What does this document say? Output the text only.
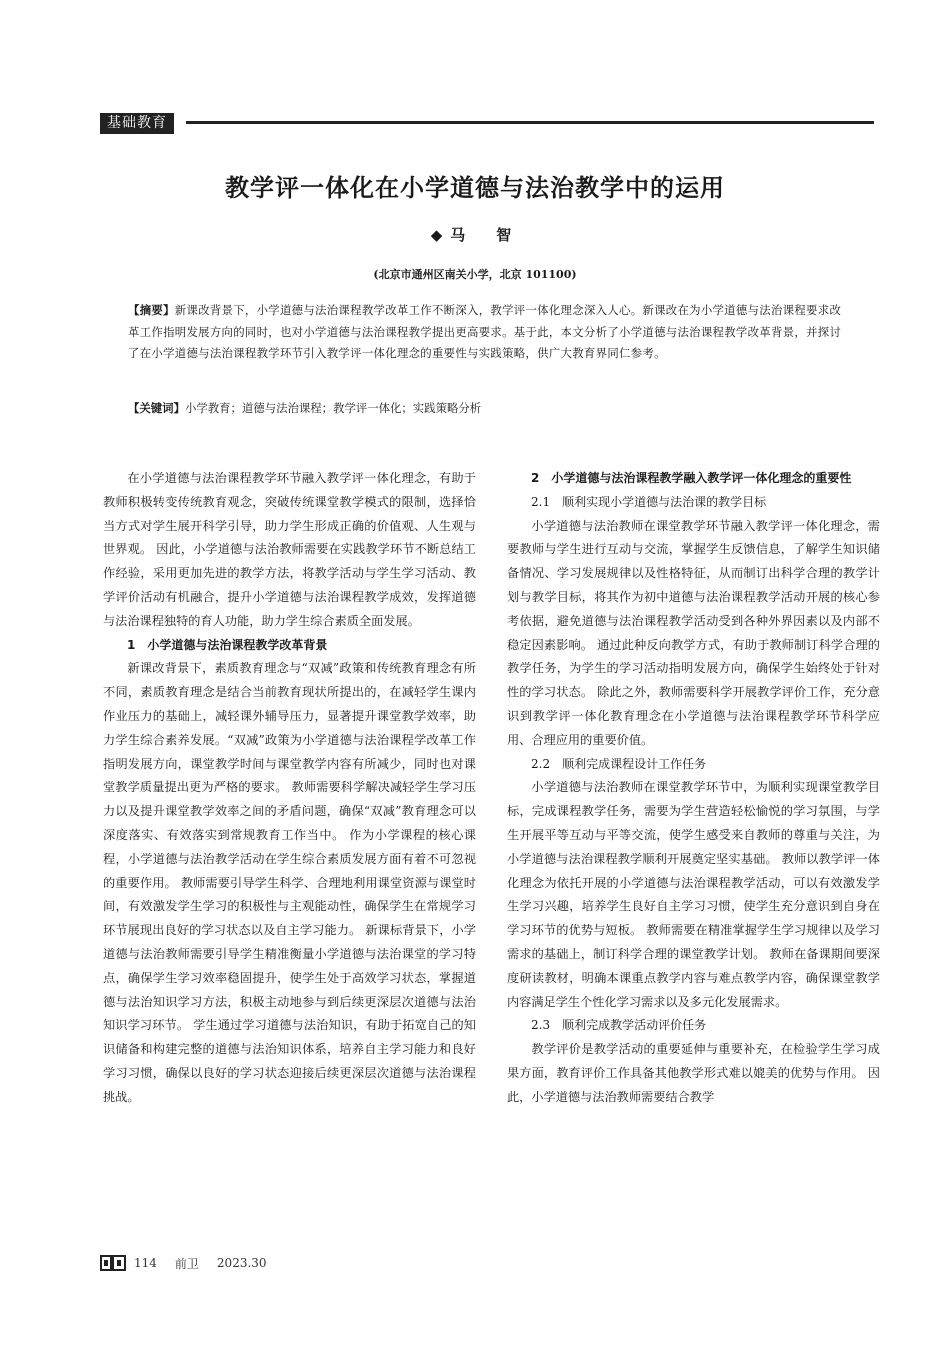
基础教育
教学评一体化在小学道德与法治教学中的运用
◆马　智
(北京市通州区南关小学，北京 101100)
【摘要】新课改背景下，小学道德与法治课程教学改革工作不断深入，教学评一体化理念深入人心。新课改在为小学道德与法治课程要求改革工作指明发展方向的同时，也对小学道德与法治课程教学提出更高要求。基于此，本文分析了小学道德与法治课程教学改革背景，并探讨了在小学道德与法治课程教学环节引入教学评一体化理念的重要性与实践策略，供广大教育界同仁参考。
【关键词】小学教育；道德与法治课程；教学评一体化；实践策略分析

在小学道德与法治课程教学环节融入教学评一体化理念，有助于教师积极转变传统教育观念，突破传统课堂教学模式的限制，选择恰当方式对学生展开科学引导，助力学生形成正确的价值观、人生观与世界观。 因此，小学道德与法治教师需要在实践教学环节不断总结工作经验，采用更加先进的教学方法，将教学活动与学生学习活动、教学评价活动有机融合，提升小学道德与法治课程教学成效，发挥道德与法治课程独特的育人功能，助力学生综合素质全面发展。

1　小学道德与法治课程教学改革背景

新课改背景下，素质教育理念与“双减”政策和传统教育理念有所不同，素质教育理念是结合当前教育现状所提出的，在减轻学生课内作业压力的基础上，减轻课外辅导压力，显著提升课堂教学效率，助力学生综合素养发展。“双减”政策为小学道德与法治课程学改革工作指明发展方向，课堂教学时间与课堂教学内容有所减少，同时也对课堂教学质量提出更为严格的要求。 教师需要科学解决减轻学生学习压力以及提升课堂教学效率之间的矛盾问题，确保“双减”教育理念可以深度落实、有效落实到常规教育工作当中。 作为小学课程的核心课程，小学道德与法治教学活动在学生综合素质发展方面有着不可忽视的重要作用。 教师需要引导学生科学、合理地利用课堂资源与课堂时间，有效激发学生学习的积极性与主观能动性，确保学生在常规学习环节展现出良好的学习状态以及自主学习能力。 新课标背景下，小学道德与法治教师需要引导学生精准衡量小学道德与法治课堂的学习特点，确保学生学习效率稳固提升，使学生处于高效学习状态，掌握道德与法治知识学习方法，积极主动地参与到后续更深层次道德与法治知识学习环节。 学生通过学习道德与法治知识，有助于拓宽自己的知识储备和构建完整的道德与法治知识体系，培养自主学习能力和良好学习习惯，确保以良好的学习状态迎接后续更深层次道德与法治课程挑战。

2　小学道德与法治课程教学融入教学评一体化理念的重要性
2.1　顺利实现小学道德与法治课的教学目标

小学道德与法治教师在课堂教学环节融入教学评一体化理念，需要教师与学生进行互动与交流，掌握学生反馈信息，了解学生知识储备情况、学习发展规律以及性格特征，从而制订出科学合理的教学计划与教学目标，将其作为初中道德与法治课程教学活动开展的核心参考依据，避免道德与法治课程教学活动受到各种外界因素以及内部不稳定因素影响。 通过此种反向教学方式，有助于教师制订科学合理的教学任务，为学生的学习活动指明发展方向，确保学生始终处于针对性的学习状态。 除此之外，教师需要科学开展教学评价工作，充分意识到教学评一体化教育理念在小学道德与法治课程教学环节科学应用、合理应用的重要价值。

2.2　顺利完成课程设计工作任务

小学道德与法治教师在课堂教学环节中，为顺利实现课堂教学目标，完成课程教学任务，需要为学生营造轻松愉悦的学习氛围，与学生开展平等互动与平等交流，使学生感受来自教师的尊重与关注，为小学道德与法治课程教学顺利开展奠定坚实基础。 教师以教学评一体化理念为依托开展的小学道德与法治课程教学活动，可以有效激发学生学习兴趣，培养学生良好自主学习习惯，使学生充分意识到自身在学习环节的优势与短板。 教师需要在精准掌握学生学习规律以及学习需求的基础上，制订科学合理的课堂教学计划。 教师在备课期间要深度研读教材，明确本课重点教学内容与难点教学内容，确保课堂教学内容满足学生个性化学习需求以及多元化发展需求。

2.3　顺利完成教学活动评价任务

教学评价是教学活动的重要延伸与重要补充，在检验学生学习成果方面，教育评价工作具备其他教学形式难以媲美的优势与作用。 因此，小学道德与法治教师需要结合教学

114 前卫 2023.30
